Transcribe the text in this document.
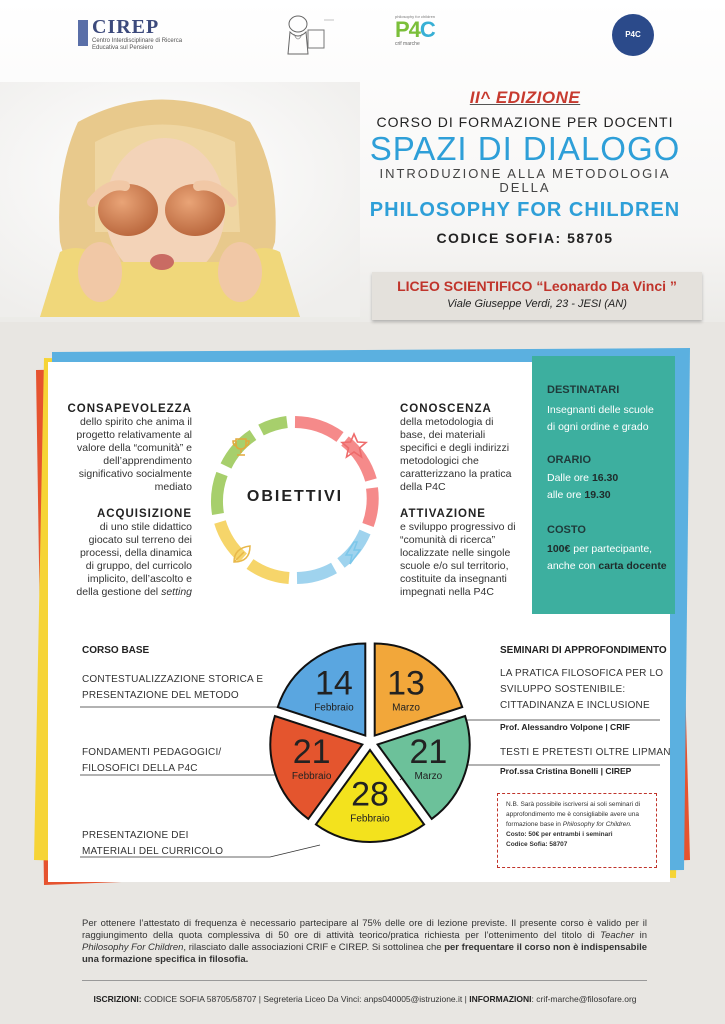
CIREP
Centro Interdisciplinare di Ricerca Educativa sul Pensiero
philosophy for children
P4C
crif marche
P4C
II^ EDIZIONE
CORSO DI FORMAZIONE PER DOCENTI
SPAZI DI DIALOGO
INTRODUZIONE ALLA METODOLOGIA DELLA
PHILOSOPHY FOR CHILDREN
CODICE SOFIA: 58705
LICEO SCIENTIFICO “Leonardo Da Vinci ”
Viale Giuseppe Verdi, 23 - JESI (AN)
OBIETTIVI
CONSAPEVOLEZZA
dello spirito che anima il
progetto relativamente al
valore della “comunità” e
dell’apprendimento
significativo socialmente
mediato
ACQUISIZIONE
di uno stile didattico
giocato sul terreno dei
processi, della dinamica
di gruppo, del curricolo
implicito, dell’ascolto e
della gestione del setting
CONOSCENZA
della metodologia di
base, dei materiali
specifici e degli indirizzi
metodologici che
caratterizzano la pratica
della P4C
ATTIVAZIONE
e sviluppo progressivo di
“comunità di ricerca”
localizzate nelle singole
scuole e/o sul territorio,
costituite da insegnanti
impegnati nella P4C
DESTINATARI
Insegnanti delle scuole
di ogni ordine e grado
ORARIO
Dalle ore 16.30
alle ore 19.30
COSTO
100€ per partecipante,
anche con carta docente
CORSO BASE	SEMINARI DI APPROFONDIMENTO
14
Febbraio
13
Marzo
21
Marzo
28
Febbraio
21
Febbraio
CONTESTUALIZZAZIONE STORICA E
PRESENTAZIONE DEL METODO
FONDAMENTI PEDAGOGICI/
FILOSOFICI DELLA P4C
PRESENTAZIONE DEI
MATERIALI DEL CURRICOLO
LA PRATICA FILOSOFICA PER LO
SVILUPPO SOSTENIBILE:
CITTADINANZA E INCLUSIONE
Prof. Alessandro Volpone | CRIF
TESTI E PRETESTI OLTRE LIPMAN
Prof.ssa Cristina Bonelli | CIREP
N.B. Sarà possibile iscriversi ai soli seminari di
approfondimento me è consigliabile avere una
formazione base in Philosophy for Children.
Costo: 50€ per entrambi i seminari
Codice Sofia: 58707
Per ottenere l’attestato di frequenza è necessario partecipare al 75% delle ore di lezione previste. Il presente corso è valido per il raggiungimento della quota complessiva di 50 ore di attività teorico/pratica richiesta per l’ottenimento del titolo di Teacher in Philosophy For Children, rilasciato dalle associazioni CRIF e CIREP. Si sottolinea che per frequentare il corso non è indispensabile una formazione specifica in filosofia.
ISCRIZIONI: CODICE SOFIA 58705/58707 | Segreteria Liceo Da Vinci: anps040005@istruzione.it | INFORMAZIONI: crif-marche@filosofare.org
